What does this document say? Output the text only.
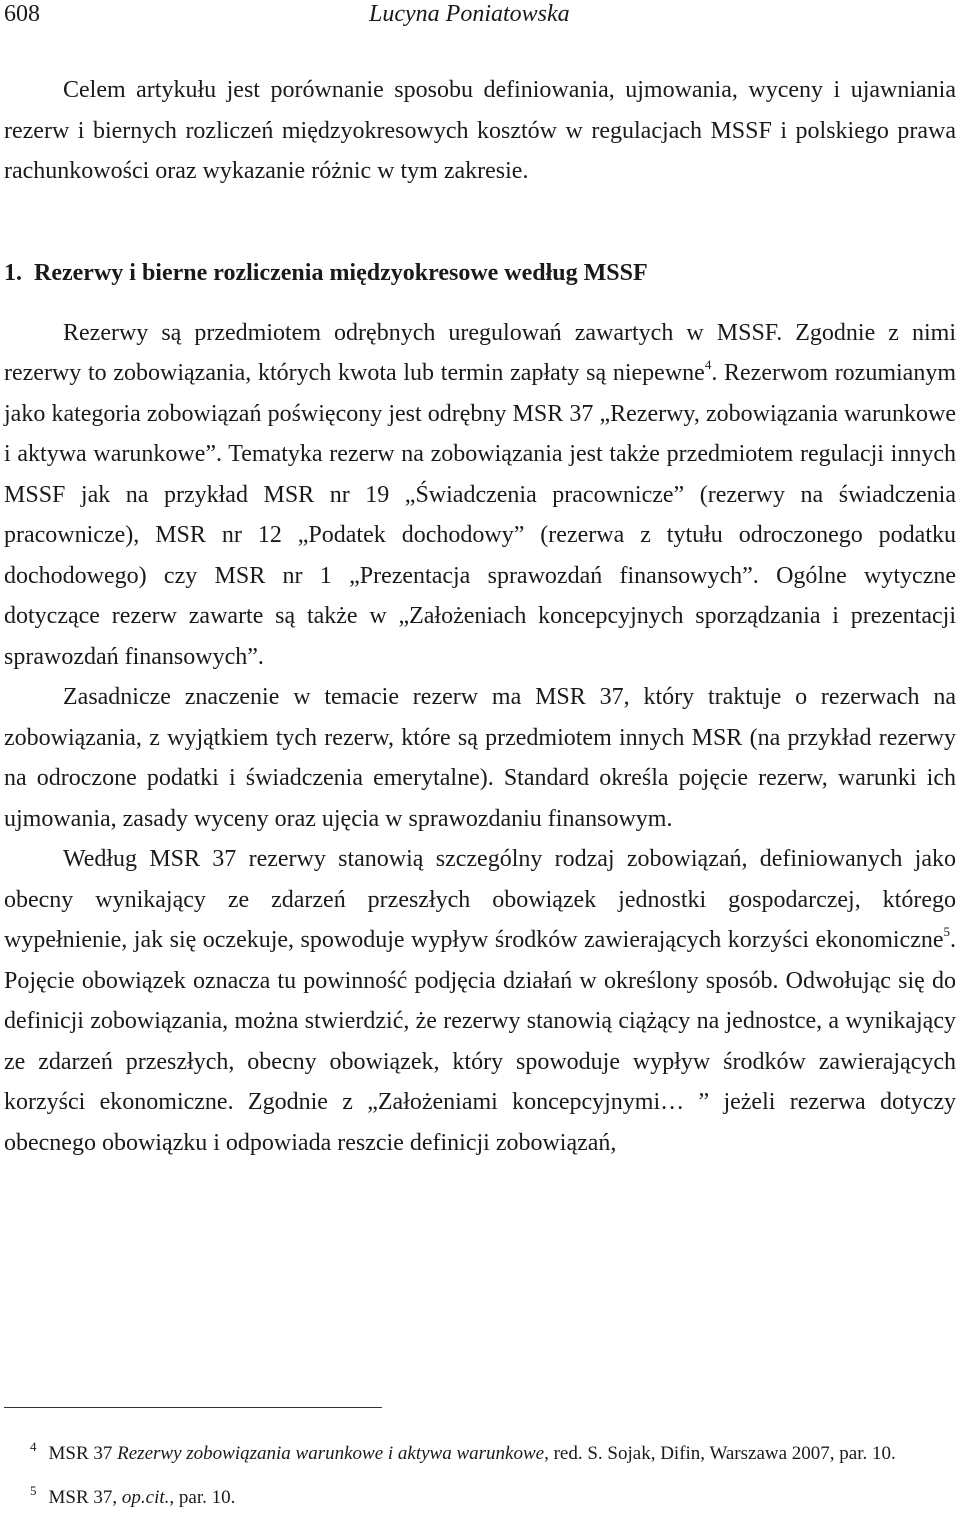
608	Lucyna Poniatowska

Celem artykułu jest porównanie sposobu definiowania, ujmowania, wyceny i ujawniania rezerw i biernych rozliczeń międzyokresowych kosztów w regulacjach MSSF i polskiego prawa rachunkowości oraz wykazanie różnic w tym zakresie.

1. Rezerwy i bierne rozliczenia międzyokresowe według MSSF

Rezerwy są przedmiotem odrębnych uregulowań zawartych w MSSF. Zgodnie z nimi rezerwy to zobowiązania, których kwota lub termin zapłaty są niepewne$^4$. Rezerwom rozumianym jako kategoria zobowiązań poświęcony jest odrębny MSR 37 „Rezerwy, zobowiązania warunkowe i aktywa warunkowe”. Tematyka rezerw na zobowiązania jest także przedmiotem regulacji innych MSSF jak na przykład MSR nr 19 „Świadczenia pracownicze” (rezerwy na świadczenia pracownicze), MSR nr 12 „Podatek dochodowy” (rezerwa z tytułu odroczonego podatku dochodowego) czy MSR nr 1 „Prezentacja sprawozdań finansowych”. Ogólne wytyczne dotyczące rezerw zawarte są także w „Założeniach koncepcyjnych sporządzania i prezentacji sprawozdań finansowych”.

Zasadnicze znaczenie w temacie rezerw ma MSR 37, który traktuje o rezerwach na zobowiązania, z wyjątkiem tych rezerw, które są przedmiotem innych MSR (na przykład rezerwy na odroczone podatki i świadczenia emerytalne). Standard określa pojęcie rezerw, warunki ich ujmowania, zasady wyceny oraz ujęcia w sprawozdaniu finansowym.

Według MSR 37 rezerwy stanowią szczególny rodzaj zobowiązań, definiowanych jako obecny wynikający ze zdarzeń przeszłych obowiązek jednostki gospodarczej, którego wypełnienie, jak się oczekuje, spowoduje wypływ środków zawierających korzyści ekonomiczne$^5$. Pojęcie obowiązek oznacza tu powinność podjęcia działań w określony sposób. Odwołując się do definicji zobowiązania, można stwierdzić, że rezerwy stanowią ciążący na jednostce, a wynikający ze zdarzeń przeszłych, obecny obowiązek, który spowoduje wypływ środków zawierających korzyści ekonomiczne. Zgodnie z „Założeniami koncepcyjnymi… ” jeżeli rezerwa dotyczy obecnego obowiązku i odpowiada reszcie definicji zobowiązań,

$^4$ MSR 37 Rezerwy zobowiązania warunkowe i aktywa warunkowe, red. S. Sojak, Difin, Warszawa 2007, par. 10.

$^5$ MSR 37, op.cit., par. 10.
